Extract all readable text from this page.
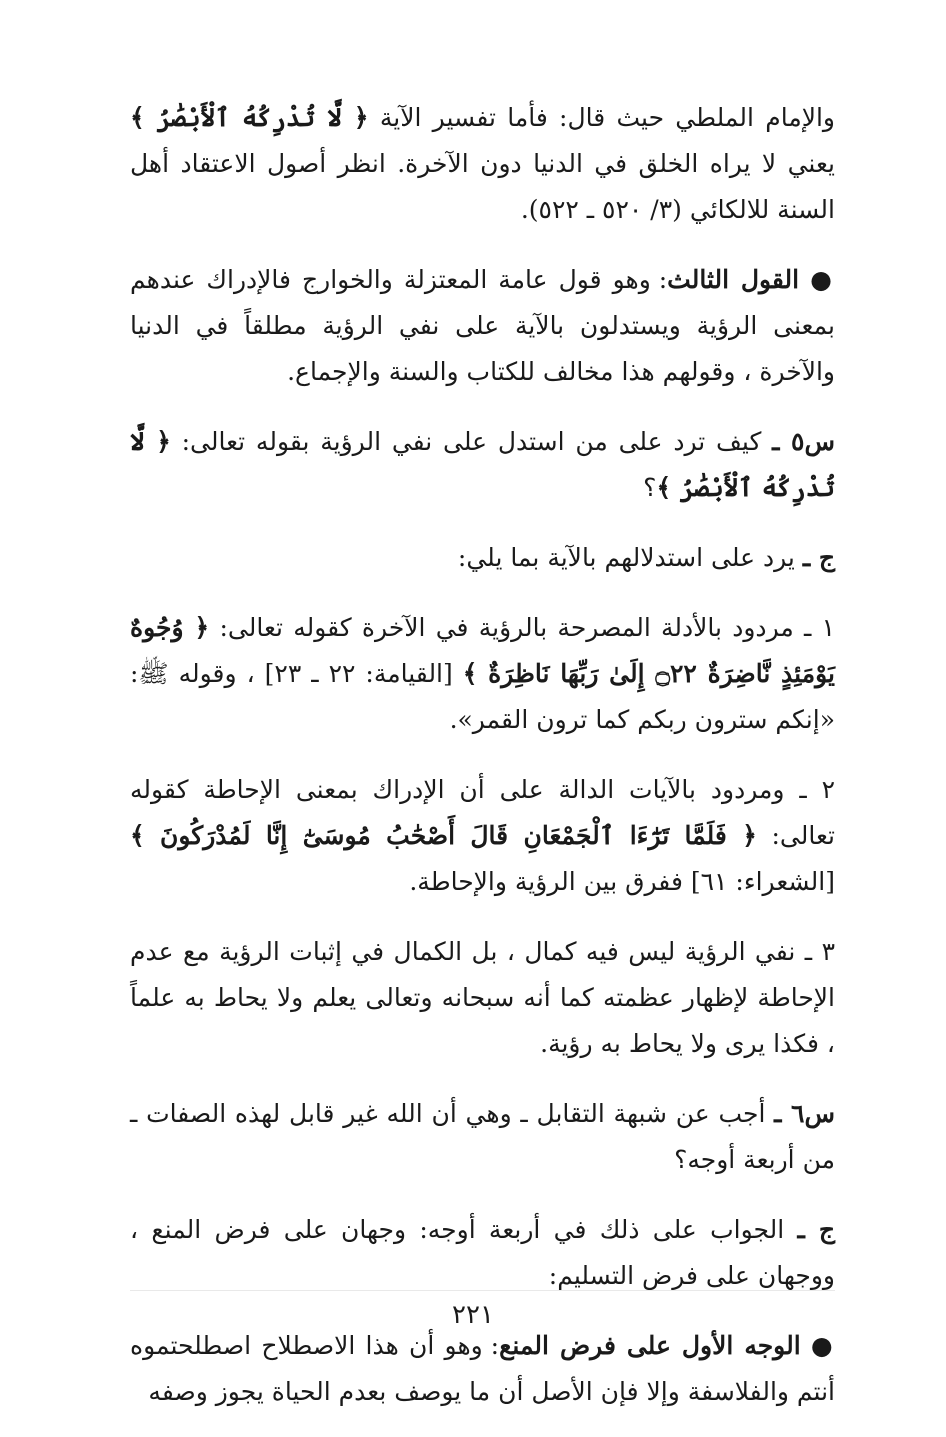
والإمام الملطي حيث قال: فأما تفسير الآية ﴿ لَّا تُدْرِكُهُ ٱلْأَبْصَٰرُ ﴾ يعني لا يراه الخلق في الدنيا دون الآخرة. انظر أصول الاعتقاد أهل السنة للالكائي (٣/ ٥٢٠ ـ ٥٢٢).

● القول الثالث: وهو قول عامة المعتزلة والخوارج فالإدراك عندهم بمعنى الرؤية ويستدلون بالآية على نفي الرؤية مطلقاً في الدنيا والآخرة ، وقولهم هذا مخالف للكتاب والسنة والإجماع.

س٥ ـ كيف ترد على من استدل على نفي الرؤية بقوله تعالى: ﴿ لَّا تُدْرِكُهُ ٱلْأَبْصَٰرُ ﴾؟

ج ـ يرد على استدلالهم بالآية بما يلي:

١ ـ مردود بالأدلة المصرحة بالرؤية في الآخرة كقوله تعالى: ﴿ وُجُوهٌ يَوْمَئِذٍ نَّاضِرَةٌ ۝٢٢ إِلَىٰ رَبِّهَا نَاظِرَةٌ ﴾ [القيامة: ٢٢ ـ ٢٣] ، وقوله ﷺ: «إنكم سترون ربكم كما ترون القمر».

٢ ـ ومردود بالآيات الدالة على أن الإدراك بمعنى الإحاطة كقوله تعالى: ﴿ فَلَمَّا تَرَٰٓءَا ٱلْجَمْعَانِ قَالَ أَصْحَٰبُ مُوسَىٰٓ إِنَّا لَمُدْرَكُونَ ﴾ [الشعراء: ٦١] ففرق بين الرؤية والإحاطة.

٣ ـ نفي الرؤية ليس فيه كمال ، بل الكمال في إثبات الرؤية مع عدم الإحاطة لإظهار عظمته كما أنه سبحانه وتعالى يعلم ولا يحاط به علماً ، فكذا يرى ولا يحاط به رؤية.

س٦ ـ أجب عن شبهة التقابل ـ وهي أن الله غير قابل لهذه الصفات ـ من أربعة أوجه؟

ج ـ الجواب على ذلك في أربعة أوجه: وجهان على فرض المنع ، ووجهان على فرض التسليم:

● الوجه الأول على فرض المنع: وهو أن هذا الاصطلاح اصطلحتموه أنتم والفلاسفة وإلا فإن الأصل أن ما يوصف بعدم الحياة يجوز وصفه

٢٢١
